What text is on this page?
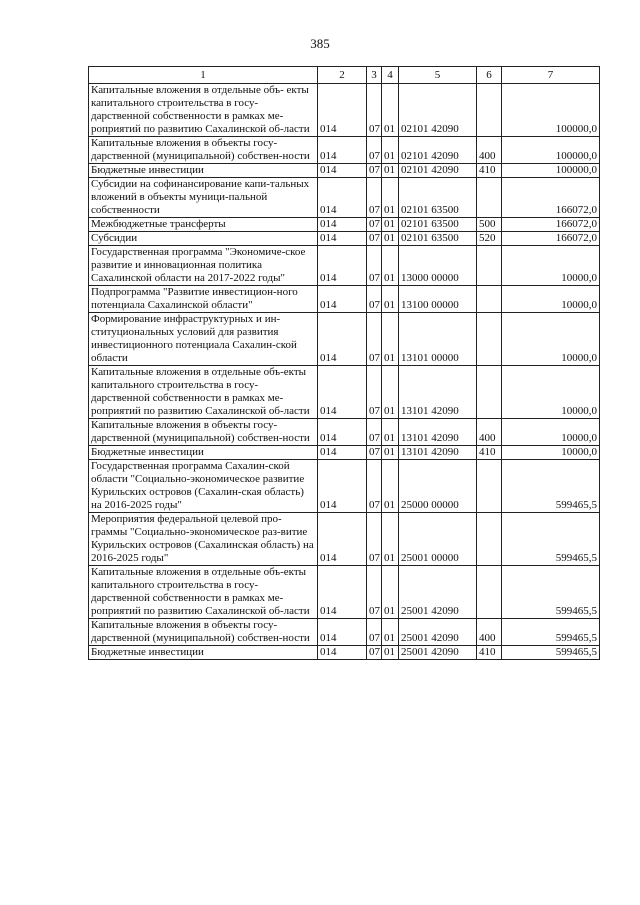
385
1	2	3	4	5	6	7
Капитальные вложения в отдельные объ- екты капитального строительства в госу-дарственной собственности в рамках ме-роприятий по развитию Сахалинской об-ласти	014	07	01	02101 42090		100000,0
Капитальные вложения в объекты госу-дарственной (муниципальной) собствен-ности	014	07	01	02101 42090	400	100000,0
Бюджетные инвестиции	014	07	01	02101 42090	410	100000,0
Субсидии на софинансирование капи-тальных вложений в объекты муници-пальной собственности	014	07	01	02101 63500		166072,0
Межбюджетные трансферты	014	07	01	02101 63500	500	166072,0
Субсидии	014	07	01	02101 63500	520	166072,0
Государственная программа "Экономиче-ское развитие и инновационная политика Сахалинской области на 2017-2022 годы"	014	07	01	13000 00000		10000,0
Подпрограмма "Развитие инвестицион-ного потенциала Сахалинской области"	014	07	01	13100 00000		10000,0
Формирование инфраструктурных и ин-ституциональных условий для развития инвестиционного потенциала Сахалин-ской области	014	07	01	13101 00000		10000,0
Капитальные вложения в отдельные объ-екты капитального строительства в госу-дарственной собственности в рамках ме-роприятий по развитию Сахалинской об-ласти	014	07	01	13101 42090		10000,0
Капитальные вложения в объекты госу-дарственной (муниципальной) собствен-ности	014	07	01	13101 42090	400	10000,0
Бюджетные инвестиции	014	07	01	13101 42090	410	10000,0
Государственная программа Сахалин-ской области "Социально-экономическое развитие Курильских островов (Сахалин-ская область) на 2016-2025 годы"	014	07	01	25000 00000		599465,5
Мероприятия федеральной целевой про-граммы "Социально-экономическое раз-витие Курильских островов (Сахалинская область) на 2016-2025 годы"	014	07	01	25001 00000		599465,5
Капитальные вложения в отдельные объ-екты капитального строительства в госу-дарственной собственности в рамках ме-роприятий по развитию Сахалинской об-ласти	014	07	01	25001 42090		599465,5
Капитальные вложения в объекты госу-дарственной (муниципальной) собствен-ности	014	07	01	25001 42090	400	599465,5
Бюджетные инвестиции	014	07	01	25001 42090	410	599465,5
